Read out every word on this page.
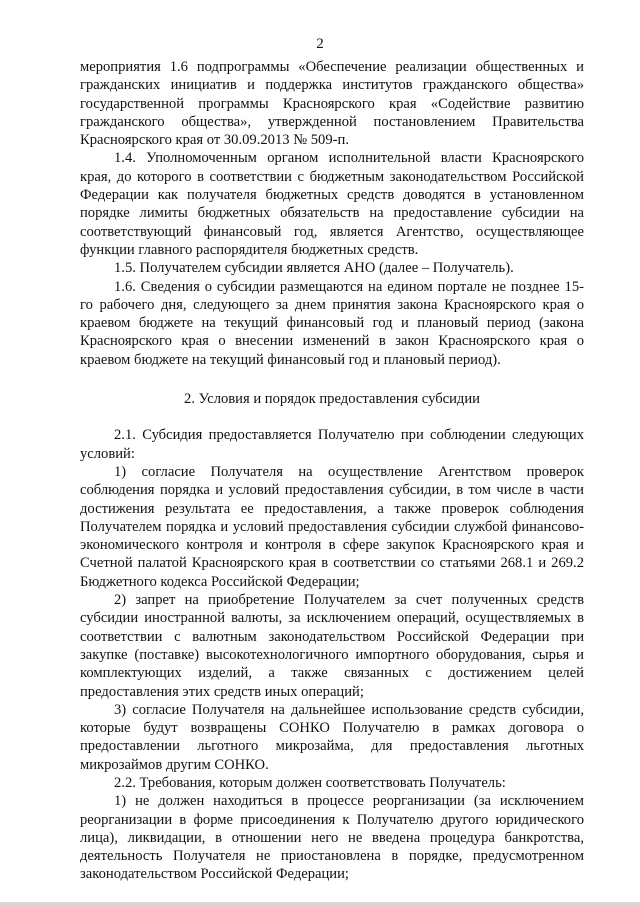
2

мероприятия 1.6 подпрограммы «Обеспечение реализации общественных и гражданских инициатив и поддержка институтов гражданского общества» государственной программы Красноярского края «Содействие развитию гражданского общества», утвержденной постановлением Правительства Красноярского края от 30.09.2013 № 509-п.

1.4. Уполномоченным органом исполнительной власти Красноярского края, до которого в соответствии с бюджетным законодательством Российской Федерации как получателя бюджетных средств доводятся в установленном порядке лимиты бюджетных обязательств на предоставление субсидии на соответствующий финансовый год, является Агентство, осуществляющее функции главного распорядителя бюджетных средств.

1.5. Получателем субсидии является АНО (далее – Получатель).

1.6. Сведения о субсидии размещаются на едином портале не позднее 15-го рабочего дня, следующего за днем принятия закона Красноярского края о краевом бюджете на текущий финансовый год и плановый период (закона Красноярского края о внесении изменений в закон Красноярского края о краевом бюджете на текущий финансовый год и плановый период).

2. Условия и порядок предоставления субсидии

2.1. Субсидия предоставляется Получателю при соблюдении следующих условий:

1) согласие Получателя на осуществление Агентством проверок соблюдения порядка и условий предоставления субсидии, в том числе в части достижения результата ее предоставления, а также проверок соблюдения Получателем порядка и условий предоставления субсидии службой финансово-экономического контроля и контроля в сфере закупок Красноярского края и Счетной палатой Красноярского края в соответствии со статьями 268.1 и 269.2 Бюджетного кодекса Российской Федерации;

2) запрет на приобретение Получателем за счет полученных средств субсидии иностранной валюты, за исключением операций, осуществляемых в соответствии с валютным законодательством Российской Федерации при закупке (поставке) высокотехнологичного импортного оборудования, сырья и комплектующих изделий, а также связанных с достижением целей предоставления этих средств иных операций;

3) согласие Получателя на дальнейшее использование средств субсидии, которые будут возвращены СОНКО Получателю в рамках договора о предоставлении льготного микрозайма, для предоставления льготных микрозаймов другим СОНКО.

2.2. Требования, которым должен соответствовать Получатель:

1) не должен находиться в процессе реорганизации (за исключением реорганизации в форме присоединения к Получателю другого юридического лица), ликвидации, в отношении него не введена процедура банкротства, деятельность Получателя не приостановлена в порядке, предусмотренном законодательством Российской Федерации;
